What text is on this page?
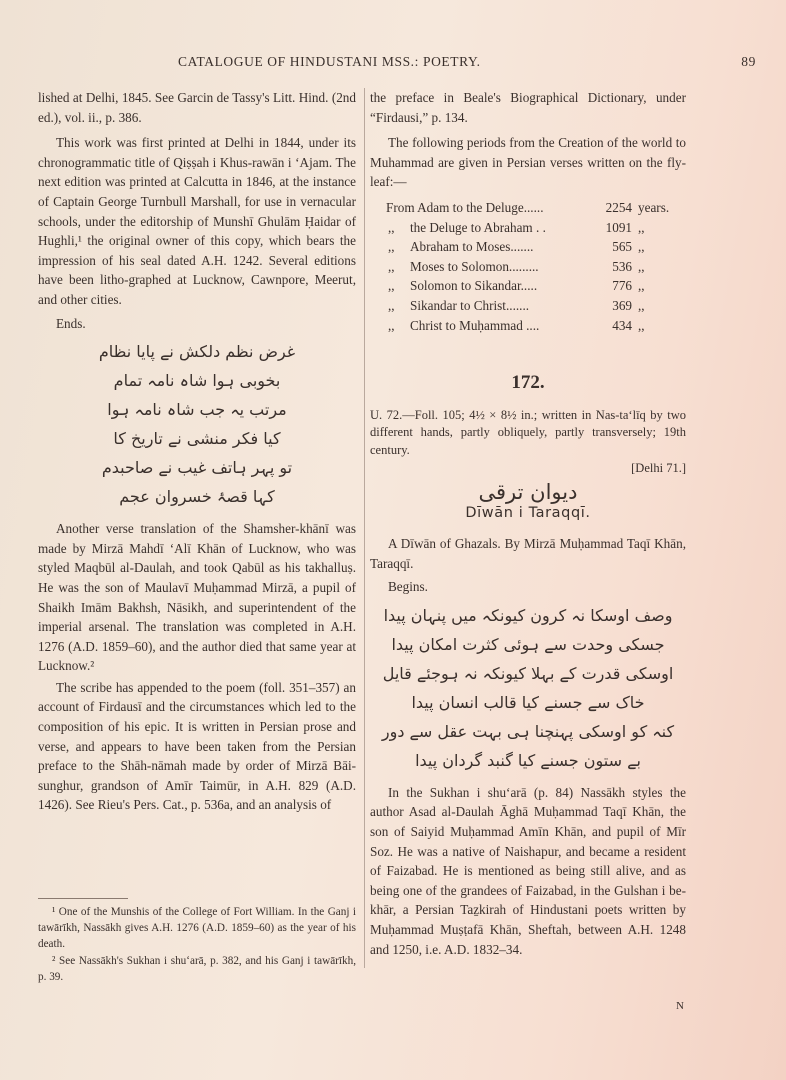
CATALOGUE OF HINDUSTANI MSS.: POETRY.	89

lished at Delhi, 1845. See Garcin de Tassy's Litt. Hind. (2nd ed.), vol. ii., p. 386.

This work was first printed at Delhi in 1844, under its chronogrammatic title of Qiṣṣah i Khus-rawān i ‘Ajam. The next edition was printed at Calcutta in 1846, at the instance of Captain George Turnbull Marshall, for use in vernacular schools, under the editorship of Munshī Ghulām Ḥaidar of Hughli,¹ the original owner of this copy, which bears the impression of his seal dated A.H. 1242. Several editions have been litho-graphed at Lucknow, Cawnpore, Meerut, and other cities.

Ends.

غرض نظم دلکش نے پایا نظام
بخوبی ہوا شاہ نامہ تمام
مرتب یہ جب شاہ نامہ ہوا
کیا فکر منشی نے تاریخ کا
تو پہر ہاتف غیب نے صاحبدم
کہا قصۂ خسروان عجم

Another verse translation of the Shamsher-khānī was made by Mirzā Mahdī ‘Alī Khān of Lucknow, who was styled Maqbūl al-Daulah, and took Qabūl as his takhalluṣ. He was the son of Maulavī Muḥammad Mirzā, a pupil of Shaikh Imām Bakhsh, Nāsikh, and superintendent of the imperial arsenal. The translation was completed in A.H. 1276 (A.D. 1859–60), and the author died that same year at Lucknow.²

The scribe has appended to the poem (foll. 351–357) an account of Firdausī and the circumstances which led to the composition of his epic. It is written in Persian prose and verse, and appears to have been taken from the Persian preface to the Shāh-nāmah made by order of Mirzā Bāi-sunghur, grandson of Amīr Taimūr, in A.H. 829 (A.D. 1426). See Rieu's Pers. Cat., p. 536a, and an analysis of

¹ One of the Munshis of the College of Fort William. In the Ganj i tawārīkh, Nassākh gives A.H. 1276 (A.D. 1859–60) as the year of his death.

² See Nassākh's Sukhan i shu‘arā, p. 382, and his Ganj i tawārīkh, p. 39.

the preface in Beale's Biographical Dictionary, under “Firdausi,” p. 134.

The following periods from the Creation of the world to Muhammad are given in Persian verses written on the fly-leaf:—

From Adam to the Deluge......	2254 years.
,,	the Deluge to Abraham . .	1091 ,,
,,	Abraham to Moses.......	565 ,,
,,	Moses to Solomon.........	536 ,,
,,	Solomon to Sikandar.....	776 ,,
,,	Sikandar to Christ.......	369 ,,
,,	Christ to Muḥammad ....	434 ,,
172.

U. 72.—Foll. 105; 4½ × 8½ in.; written in Nas-ta‘līq by two different hands, partly obliquely, partly transversely; 19th century.

[Delhi 71.]
دیوان ترقی
Dīwān i Taraqqī.

A Dīwān of Ghazals. By Mirzā Muḥammad Taqī Khān, Taraqqī.

Begins.

وصف اوسکا نہ کرون کیونکہ میں پنہان پیدا
جسکی وحدت سے ہوئی کثرت امکان پیدا
اوسکی قدرت کے بہلا کیونکہ نہ ہوجئے قایل
خاک سے جسنے کیا قالب انسان پیدا
کنہ کو اوسکی پہنچنا ہی بہت عقل سے دور
بے ستون جسنے کیا گنبد گردان پیدا

In the Sukhan i shu‘arā (p. 84) Nassākh styles the author Asad al-Daulah Āghā Muḥammad Taqī Khān, the son of Saiyid Muḥammad Amīn Khān, and pupil of Mīr Soz. He was a native of Naishapur, and became a resident of Faizabad. He is mentioned as being still alive, and as being one of the grandees of Faizabad, in the Gulshan i be-khār, a Persian Taẕkirah of Hindustani poets written by Muḥammad Muṣṭafā Khān, Sheftah, between A.H. 1248 and 1250, i.e. A.D. 1832–34.

N
